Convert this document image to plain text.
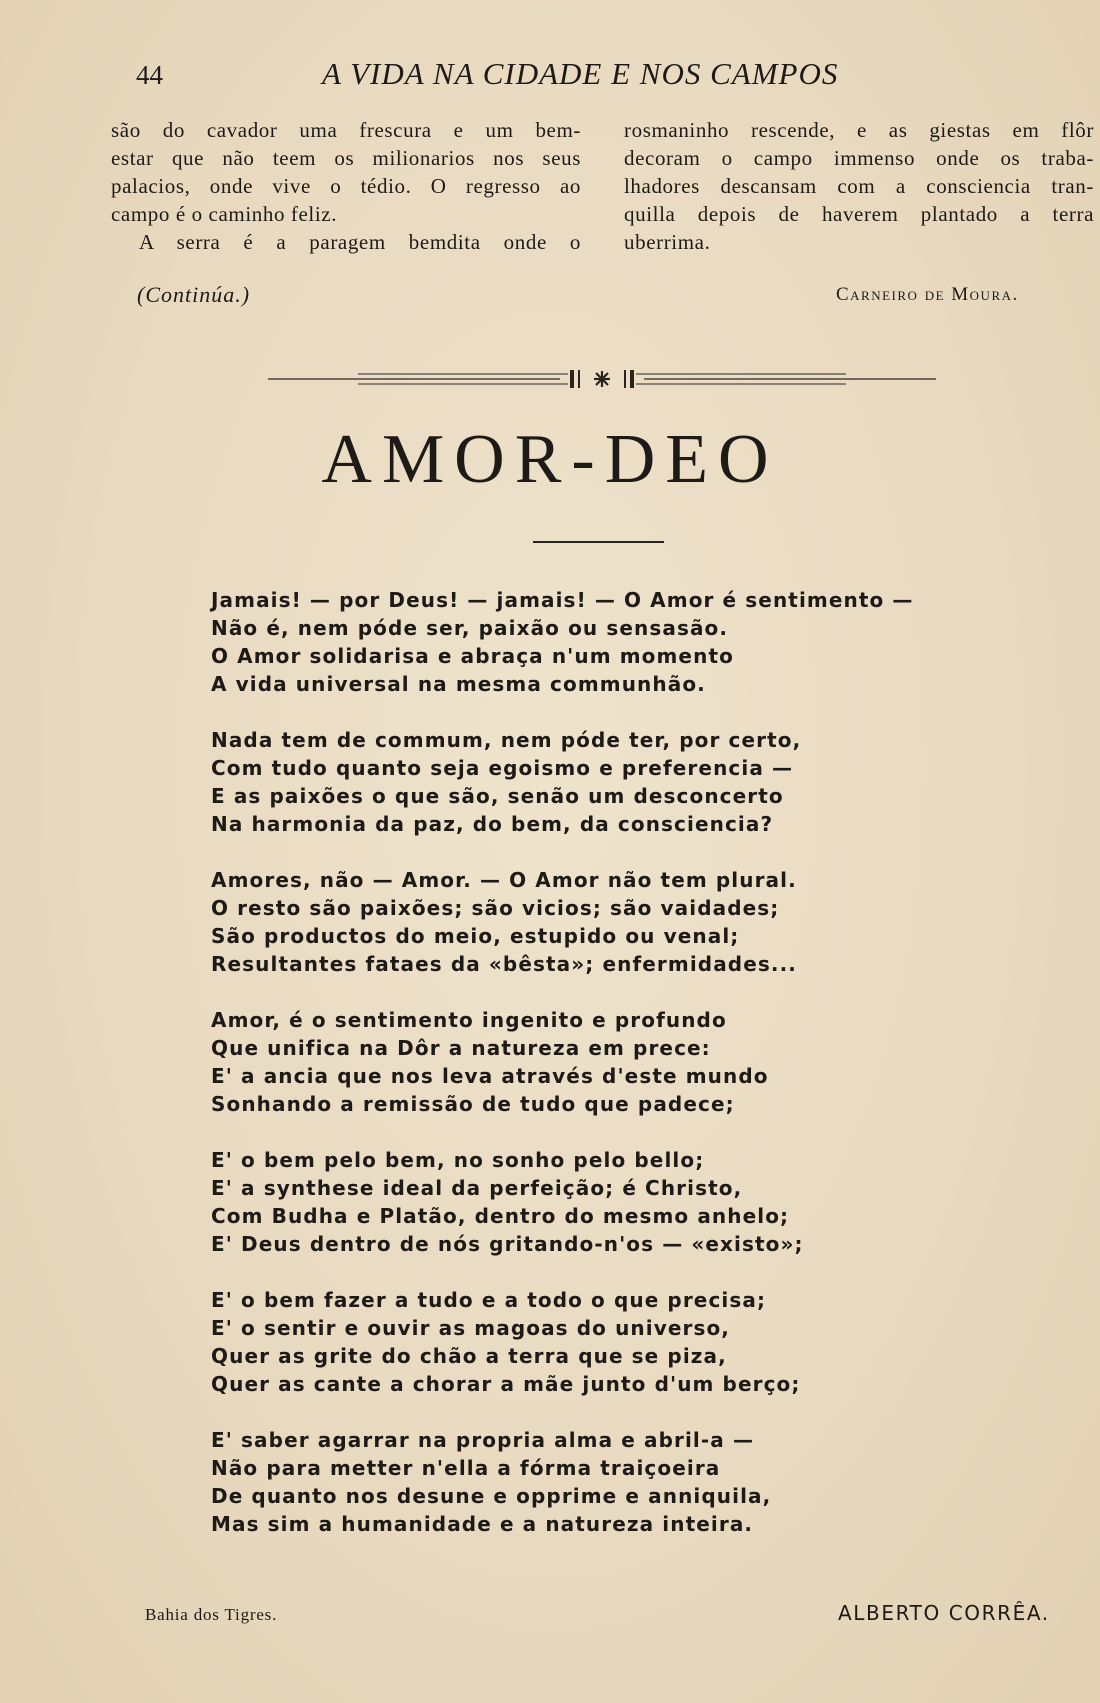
44	A VIDA NA CIDADE E NOS CAMPOS
são do cavador uma frescura e um bem-
estar que não teem os milionarios nos seus
palacios, onde vive o tédio. O regresso ao
campo é o caminho feliz.
A serra é a paragem bemdita onde o
rosmaninho rescende, e as giestas em flôr
decoram o campo immenso onde os traba-
lhadores descansam com a consciencia tran-
quilla depois de haverem plantado a terra
uberrima.
(Continúa.)	Carneiro de Moura.
AMOR-DEO
Jamais! — por Deus! — jamais! — O Amor é sentimento —
Não é, nem póde ser, paixão ou sensasão.
O Amor solidarisa e abraça n'um momento
A vida universal na mesma communhão.
Nada tem de commum, nem póde ter, por certo,
Com tudo quanto seja egoismo e preferencia —
E as paixões o que são, senão um desconcerto
Na harmonia da paz, do bem, da consciencia?
Amores, não — Amor. — O Amor não tem plural.
O resto são paixões; são vicios; são vaidades;
São productos do meio, estupido ou venal;
Resultantes fataes da «bêsta»; enfermidades...
Amor, é o sentimento ingenito e profundo
Que unifica na Dôr a natureza em prece:
E' a ancia que nos leva através d'este mundo
Sonhando a remissão de tudo que padece;
E' o bem pelo bem, no sonho pelo bello;
E' a synthese ideal da perfeição; é Christo,
Com Budha e Platão, dentro do mesmo anhelo;
E' Deus dentro de nós gritando-n'os — «existo»;
E' o bem fazer a tudo e a todo o que precisa;
E' o sentir e ouvir as magoas do universo,
Quer as grite do chão a terra que se piza,
Quer as cante a chorar a mãe junto d'um berço;
E' saber agarrar na propria alma e abril-a —
Não para metter n'ella a fórma traiçoeira
De quanto nos desune e opprime e anniquila,
Mas sim a humanidade e a natureza inteira.
Bahia dos Tigres.	ALBERTO CORRÊA.
